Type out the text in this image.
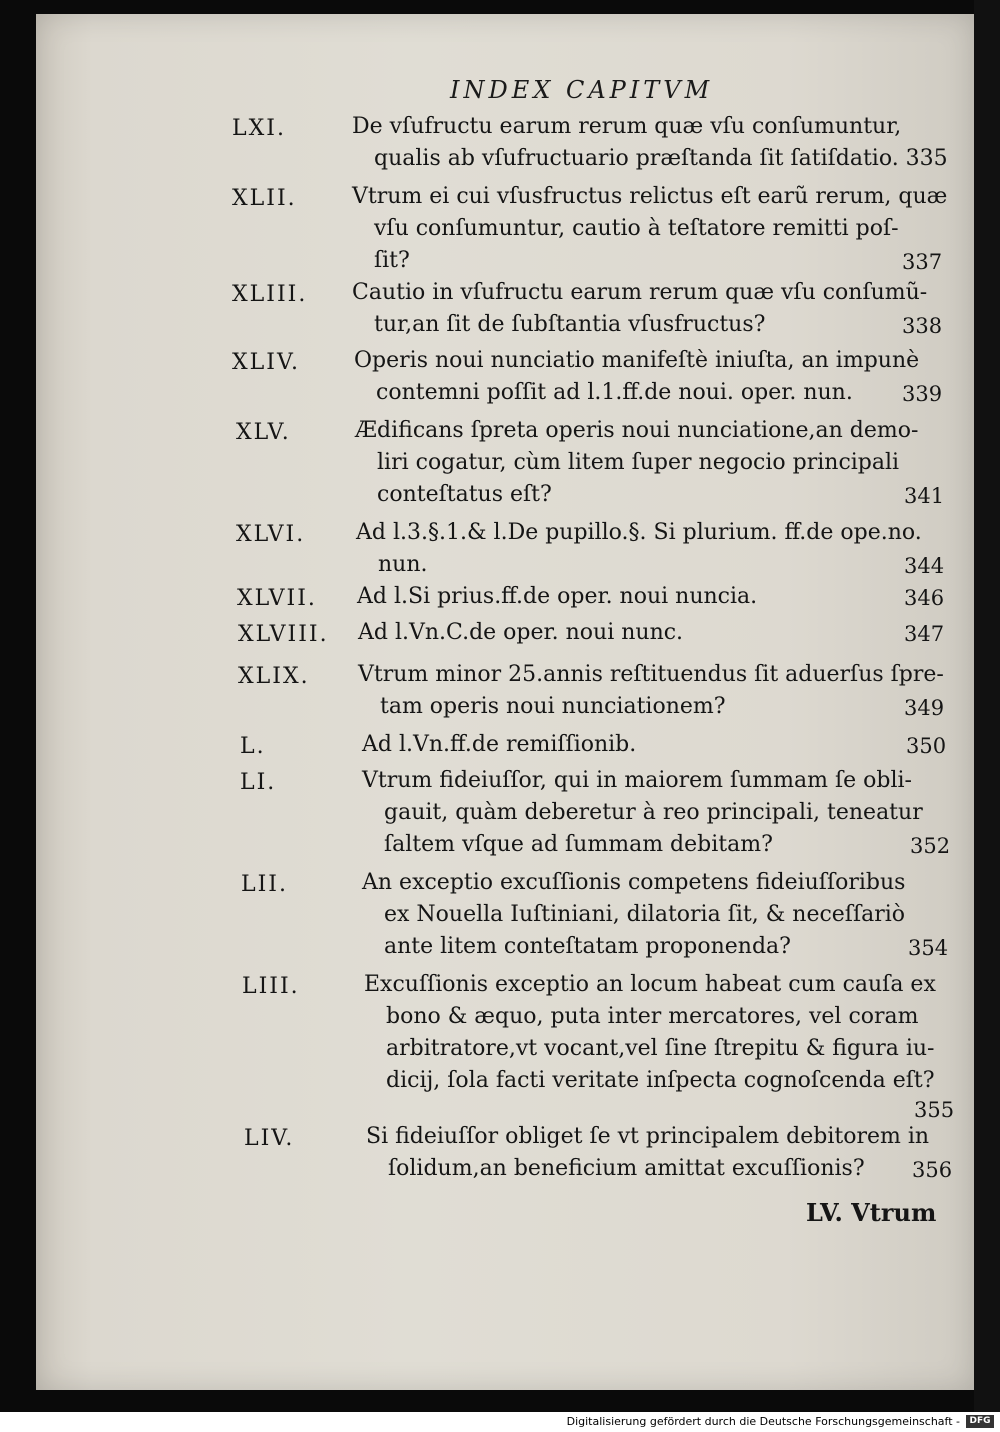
INDEX CAPITVM
LXI.	De vſufructu earum rerum quæ vſu conſumuntur,
qualis ab vſufructuario præſtanda ſit ſatiſdatio. 335
XLII.	Vtrum ei cui vſusfructus relictus eſt earũ rerum, quæ
vſu conſumuntur, cautio à teſtatore remitti poſ-
ſit?	337
XLIII. Cautio in vſufructu earum rerum quæ vſu conſumũ-
tur,an ſit de ſubſtantia vſusfructus?	338
XLIV. Operis noui nunciatio manifeſtè iniuſta, an impunè
contemni poſſit ad l.1.ff.de noui. oper. nun. 339
XLV.	Ædificans ſpreta operis noui nunciatione,an demo-
liri cogatur, cùm litem ſuper negocio principali
conteſtatus eſt?	341
XLVI. Ad l.3.§.1.& l.De pupillo.§. Si plurium. ff.de ope.no.
nun.	344
XLVII. Ad l.Si prius.ff.de oper. noui nuncia.	346
XLVIII. Ad l.Vn.C.de oper. noui nunc.	347
XLIX. Vtrum minor 25.annis reſtituendus ſit aduerſus ſpre-
tam operis noui nunciationem?	349
L.	Ad l.Vn.ff.de remiſſionib.	350
LI.	Vtrum fideiuſſor, qui in maiorem ſummam ſe obli-
gauit, quàm deberetur à reo principali, teneatur
ſaltem vſque ad ſummam debitam?	352
LII.	An exceptio excuſſionis competens fideiuſſoribus
ex Nouella Iuſtiniani, dilatoria ſit, & neceſſariò
ante litem conteſtatam proponenda?	354
LIII.	Excuſſionis exceptio an locum habeat cum cauſa ex
bono & æquo, puta inter mercatores, vel coram
arbitratore,vt vocant,vel ſine ſtrepitu & figura iu-
dicij, ſola facti veritate inſpecta cognoſcenda eſt?
355
LIV.	Si fideiuſſor obliget ſe vt principalem debitorem in
ſolidum,an beneficium amittat excuſſionis? 356
LV. Vtrum
Digitalisierung gefördert durch die Deutsche Forschungsgemeinschaft -	DFG
